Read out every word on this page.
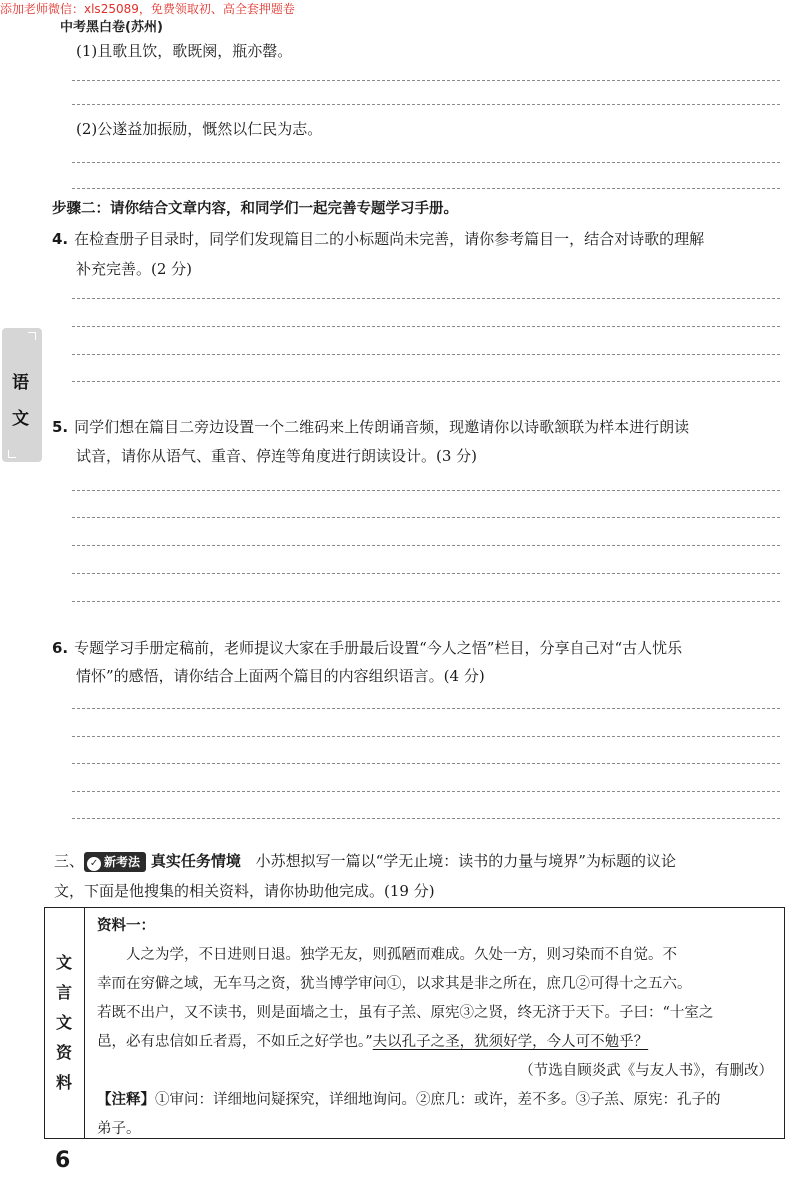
添加老师微信：xls25089，免费领取初、高全套押题卷
中考黑白卷(苏州)
(1)且歌且饮，歌既阕，瓶亦罄。
(2)公遂益加振励，慨然以仁民为志。
步骤二：请你结合文章内容，和同学们一起完善专题学习手册。
4. 在检查册子目录时，同学们发现篇目二的小标题尚未完善，请你参考篇目一，结合对诗歌的理解
补充完善。(2 分)
语
文 5. 同学们想在篇目二旁边设置一个二维码来上传朗诵音频，现邀请你以诗歌颔联为样本进行朗读
试音，请你从语气、重音、停连等角度进行朗读设计。(3 分)
6. 专题学习手册定稿前，老师提议大家在手册最后设置“今人之悟”栏目，分享自己对“古人忧乐
情怀”的感悟，请你结合上面两个篇目的内容组织语言。(4 分)
三、 ✓ 新考法 真实任务情境 小苏想拟写一篇以“学无止境：读书的力量与境界”为标题的议论
文，下面是他搜集的相关资料，请你协助他完成。(19 分)
文
言
文
资
料

资料一：

　　人之为学，不日进则日退。独学无友，则孤陋而难成。久处一方，则习染而不自觉。不

幸而在穷僻之域，无车马之资，犹当博学审问①，以求其是非之所在，庶几②可得十之五六。

若既不出户，又不读书，则是面墙之士，虽有子羔、原宪③之贤，终无济于天下。子曰：“十室之

邑，必有忠信如丘者焉，不如丘之好学也。”夫以孔子之圣，犹须好学，今人可不勉乎？

（节选自顾炎武《与友人书》，有删改）

【注释】①审问：详细地问疑探究，详细地询问。②庶几：或许，差不多。③子羔、原宪：孔子的

弟子。

6
